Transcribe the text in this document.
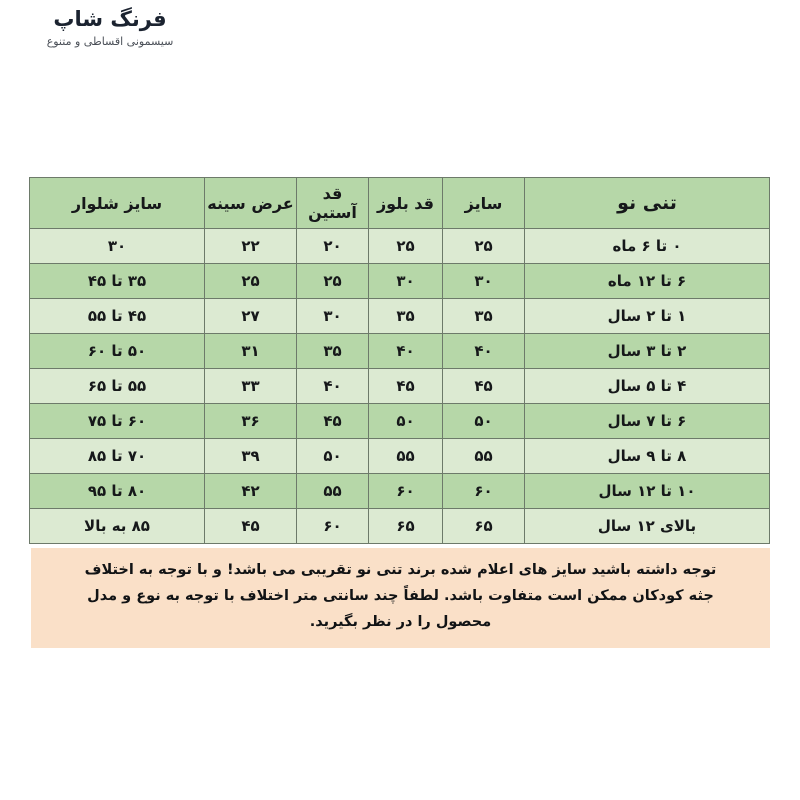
فرنگ شاپ
سیسمونی اقساطی و متنوع
تنی نو	سایز	قد بلوز	قد آستین	عرض سینه	سایز شلوار
۰ تا ۶ ماه	۲۵	۲۵	۲۰	۲۲	۳۰
۶ تا ۱۲ ماه	۳۰	۳۰	۲۵	۲۵	۳۵ تا ۴۵
۱ تا ۲ سال	۳۵	۳۵	۳۰	۲۷	۴۵ تا ۵۵
۲ تا ۳ سال	۴۰	۴۰	۳۵	۳۱	۵۰ تا ۶۰
۴ تا ۵ سال	۴۵	۴۵	۴۰	۳۳	۵۵ تا ۶۵
۶ تا ۷ سال	۵۰	۵۰	۴۵	۳۶	۶۰ تا ۷۵
۸ تا ۹ سال	۵۵	۵۵	۵۰	۳۹	۷۰ تا ۸۵
۱۰ تا ۱۲ سال	۶۰	۶۰	۵۵	۴۲	۸۰ تا ۹۵
بالای ۱۲ سال	۶۵	۶۵	۶۰	۴۵	۸۵ به بالا

توجه داشته باشید سایز های اعلام شده برند تنی نو تقریبی می باشد! و با توجه به اختلاف

جثه کودکان ممکن است متفاوت باشد. لطفاً چند سانتی متر اختلاف با توجه به نوع و مدل

محصول را در نظر بگیرید.
